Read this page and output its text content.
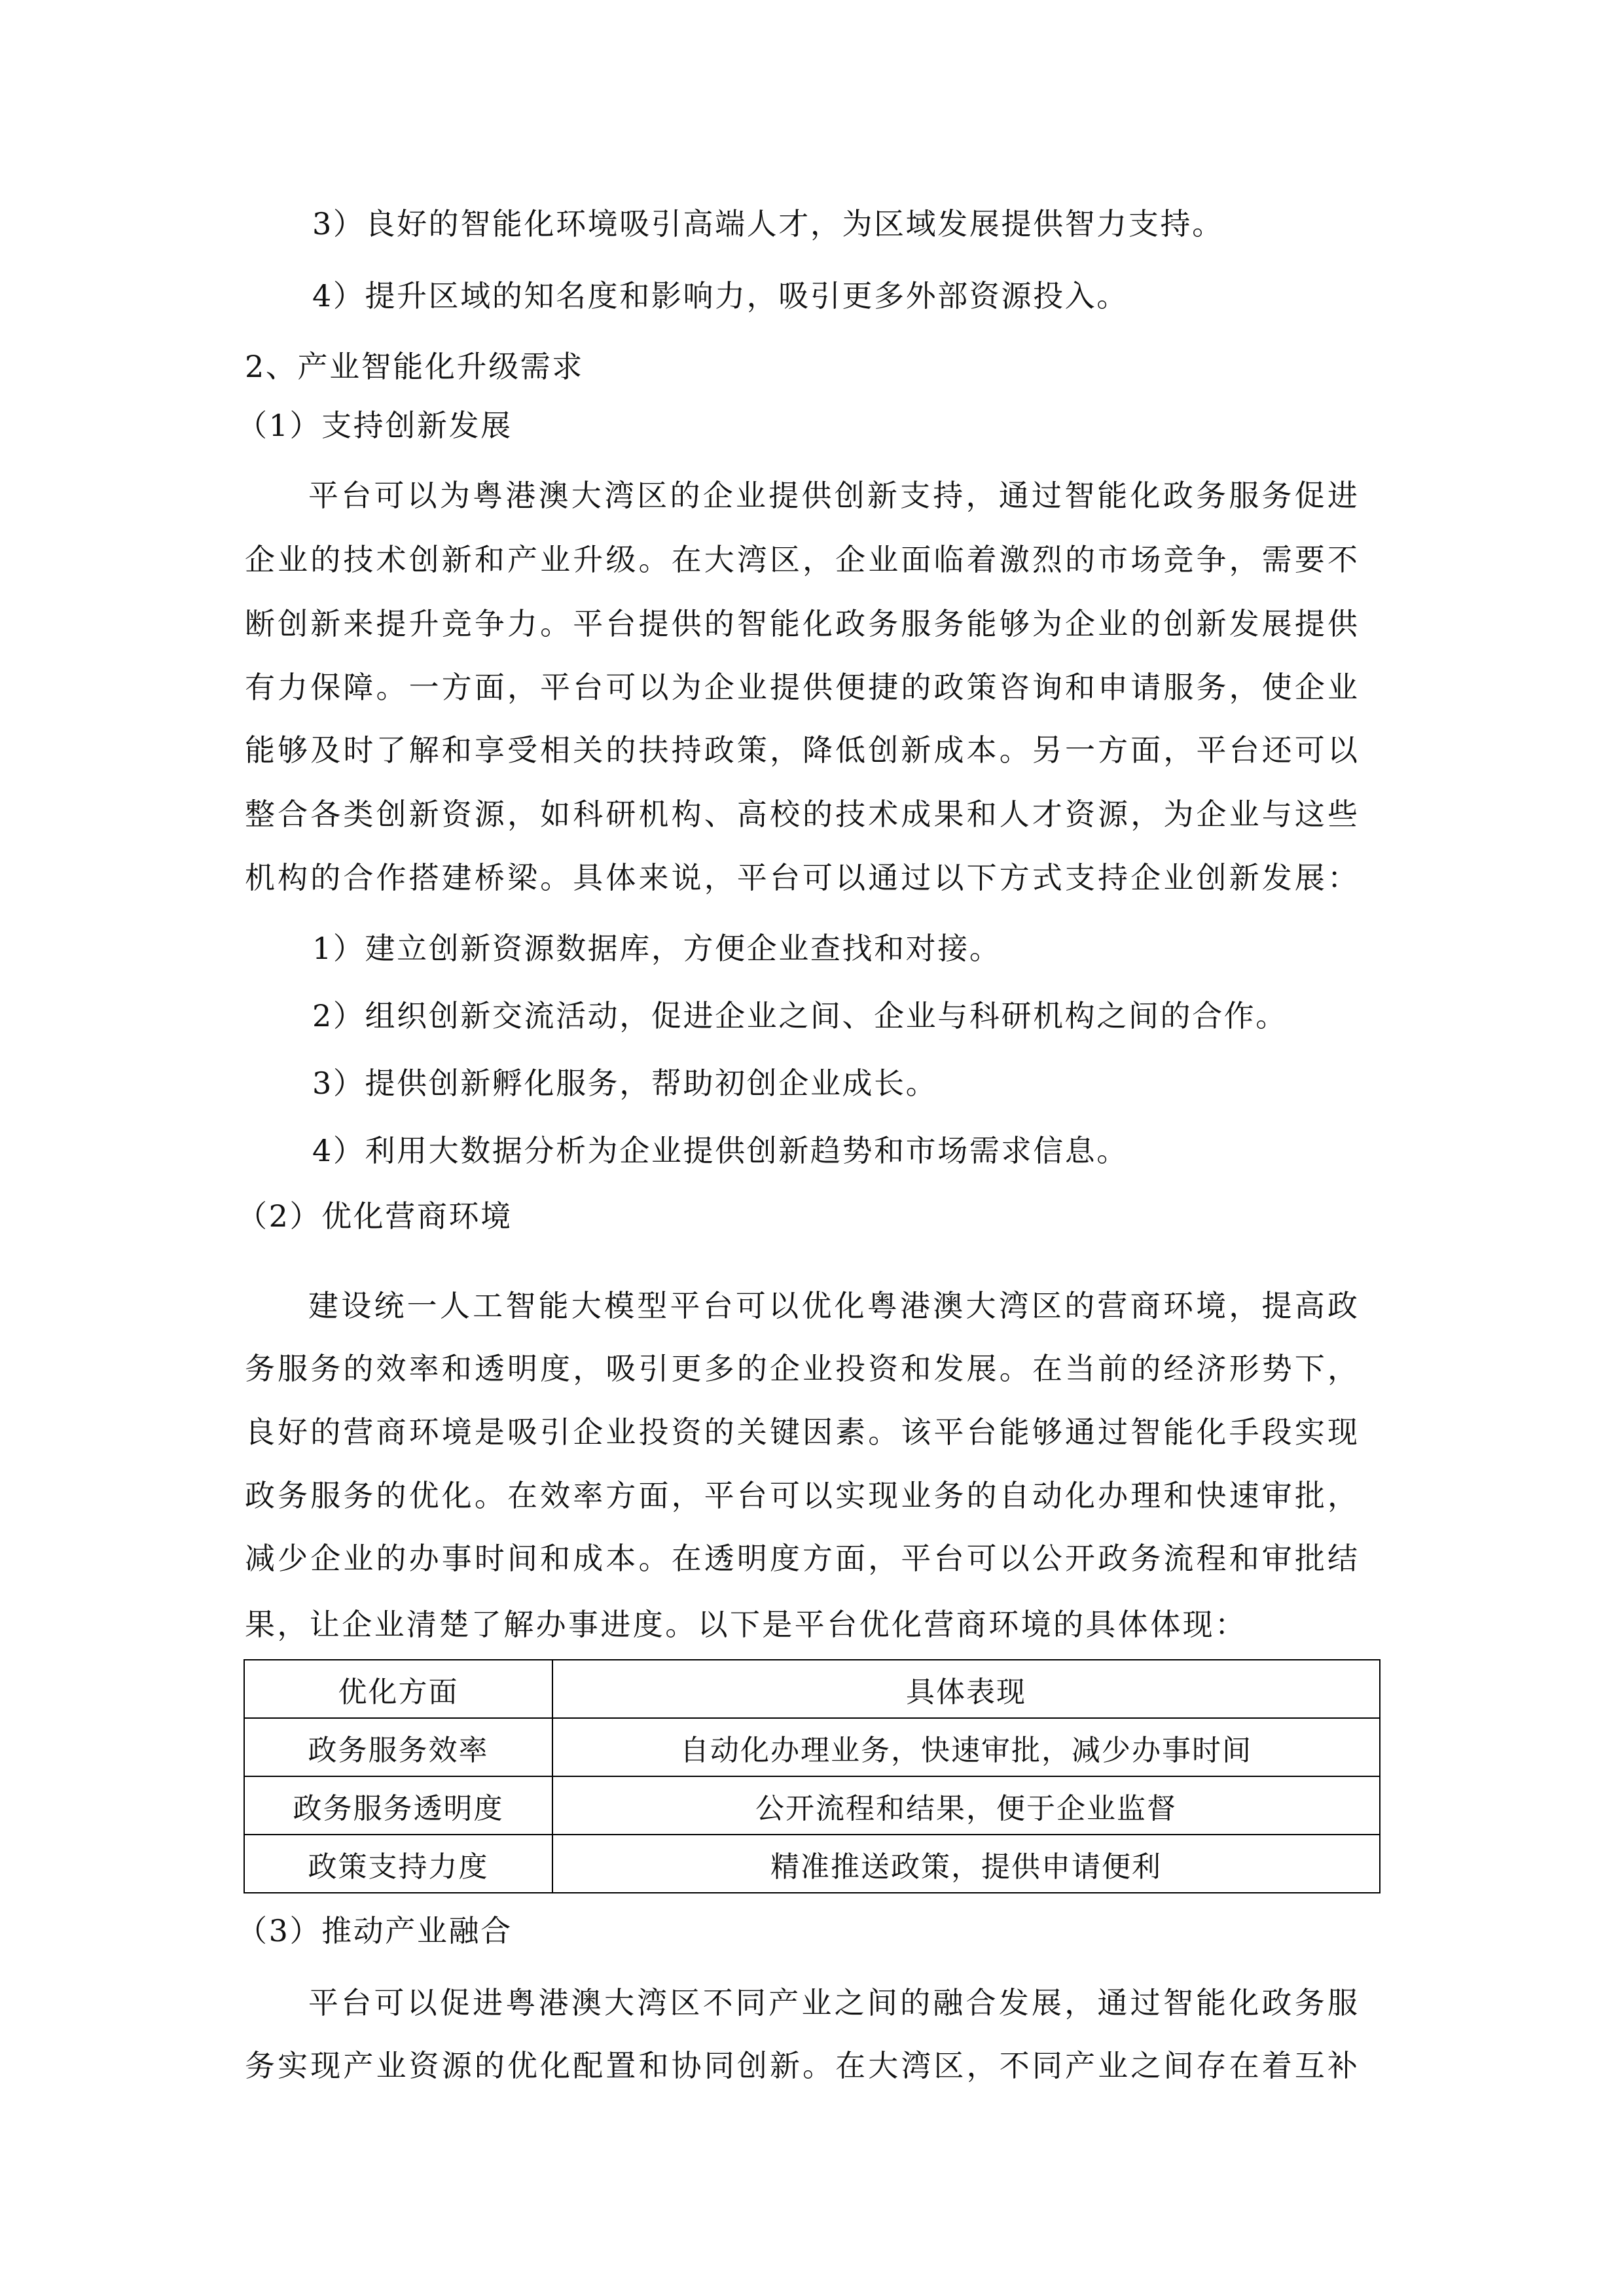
3）良好的智能化环境吸引高端人才，为区域发展提供智力支持。
4）提升区域的知名度和影响力，吸引更多外部资源投入。
2、产业智能化升级需求
（1）支持创新发展
平台可以为粤港澳大湾区的企业提供创新支持，通过智能化政务服务促进
企业的技术创新和产业升级。在大湾区，企业面临着激烈的市场竞争，需要不
断创新来提升竞争力。平台提供的智能化政务服务能够为企业的创新发展提供
有力保障。一方面，平台可以为企业提供便捷的政策咨询和申请服务，使企业
能够及时了解和享受相关的扶持政策，降低创新成本。另一方面，平台还可以
整合各类创新资源，如科研机构、高校的技术成果和人才资源，为企业与这些
机构的合作搭建桥梁。具体来说，平台可以通过以下方式支持企业创新发展：
1）建立创新资源数据库，方便企业查找和对接。
2）组织创新交流活动，促进企业之间、企业与科研机构之间的合作。
3）提供创新孵化服务，帮助初创企业成长。
4）利用大数据分析为企业提供创新趋势和市场需求信息。
（2）优化营商环境
建设统一人工智能大模型平台可以优化粤港澳大湾区的营商环境，提高政
务服务的效率和透明度，吸引更多的企业投资和发展。在当前的经济形势下，
良好的营商环境是吸引企业投资的关键因素。该平台能够通过智能化手段实现
政务服务的优化。在效率方面，平台可以实现业务的自动化办理和快速审批，
减少企业的办事时间和成本。在透明度方面，平台可以公开政务流程和审批结
果，让企业清楚了解办事进度。以下是平台优化营商环境的具体体现：
优化方面	具体表现
政务服务效率	自动化办理业务，快速审批，减少办事时间
政务服务透明度	公开流程和结果，便于企业监督
政策支持力度	精准推送政策，提供申请便利
（3）推动产业融合
平台可以促进粤港澳大湾区不同产业之间的融合发展，通过智能化政务服
务实现产业资源的优化配置和协同创新。在大湾区，不同产业之间存在着互补
